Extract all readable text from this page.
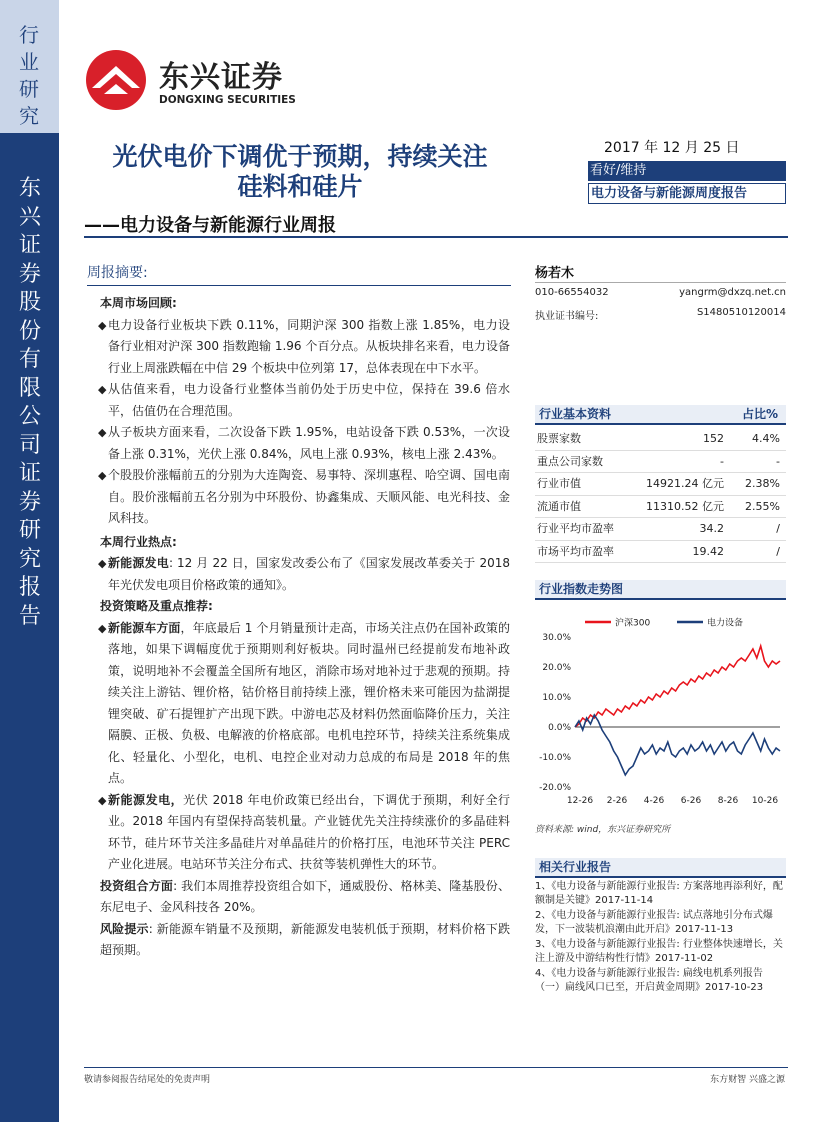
行业研究
东兴证券股份有限公司证券研究报告
东兴证券
DONGXING SECURITIES
光伏电价下调优于预期，持续关注
硅料和硅片
——电力设备与新能源行业周报
2017 年 12 月 25 日
看好/维持
电力设备与新能源周度报告
周报摘要:
本周市场回顾:

◆ 电力设备行业板块下跌 0.11%，同期沪深 300 指数上涨 1.85%，电力设备行业相对沪深 300 指数跑输 1.96 个百分点。从板块排名来看，电力设备行业上周涨跌幅在中信 29 个板块中位列第 17，总体表现在中下水平。

◆ 从估值来看，电力设备行业整体当前仍处于历史中位，保持在 39.6 倍水平，估值仍在合理范围。

◆ 从子板块方面来看，二次设备下跌 1.95%，电站设备下跌 0.53%，一次设备上涨 0.31%，光伏上涨 0.84%，风电上涨 0.93%，核电上涨 2.43%。

◆ 个股股价涨幅前五的分别为大连陶瓷、易事特、深圳惠程、哈空调、国电南自。股价涨幅前五名分别为中环股份、协鑫集成、天顺风能、电光科技、金风科技。

本周行业热点:

◆ 新能源发电: 12 月 22 日，国家发改委公布了《国家发展改革委关于 2018 年光伏发电项目价格政策的通知》。

投资策略及重点推荐:

◆ 新能源车方面，年底最后 1 个月销量预计走高，市场关注点仍在国补政策的落地，如果下调幅度优于预期则利好板块。同时温州已经提前发布地补政策，说明地补不会覆盖全国所有地区，消除市场对地补过于悲观的预期。持续关注上游钴、锂价格，钴价格目前持续上涨，锂价格未来可能因为盐湖提锂突破、矿石提锂扩产出现下跌。中游电芯及材料仍然面临降价压力，关注隔膜、正极、负极、电解液的价格底部。电机电控环节，持续关注系统集成化、轻量化、小型化，电机、电控企业对动力总成的布局是 2018 年的焦点。

◆ 新能源发电，光伏 2018 年电价政策已经出台，下调优于预期，利好全行业。2018 年国内有望保持高装机量。产业链优先关注持续涨价的多晶硅料环节，硅片环节关注多晶硅片对单晶硅片的价格打压，电池环节关注 PERC 产业化进展。电站环节关注分布式、扶贫等装机弹性大的环节。

投资组合方面: 我们本周推荐投资组合如下，通威股份、格林美、隆基股份、东尼电子、金风科技各 20%。

风险提示: 新能源车销量不及预期，新能源发电装机低于预期，材料价格下跌超预期。

杨若木
010-66554032	yangrm@dxzq.net.cn
执业证书编号:	S1480510120014
行业基本资料	占比%
股票家数	152	4.4%
重点公司家数	-	-
行业市值	14921.24 亿元 2.38%
流通市值	11310.52 亿元 2.55%
行业平均市盈率	34.2	/
市场平均市盈率	19.42	/
行业指数走势图
30.0%
20.0%
10.0%
0.0%
-10.0%
-20.0%
12-26 2-26 4-26 6-26 8-26 10-26
沪深300	电力设备
资料来源: wind，东兴证券研究所
相关行业报告
1、《电力设备与新能源行业报告: 方案落地再添利好，配额制是关键》2017-11-14
2、《电力设备与新能源行业报告: 试点落地引分布式爆发，下一波装机浪潮由此开启》2017-11-13
3、《电力设备与新能源行业报告: 行业整体快速增长，关注上游及中游结构性行情》2017-11-02
4、《电力设备与新能源行业报告: 扁线电机系列报告（一）扁线风口已至，开启黄金周期》2017-10-23
敬请参阅报告结尾处的免责声明	东方财智 兴盛之源
